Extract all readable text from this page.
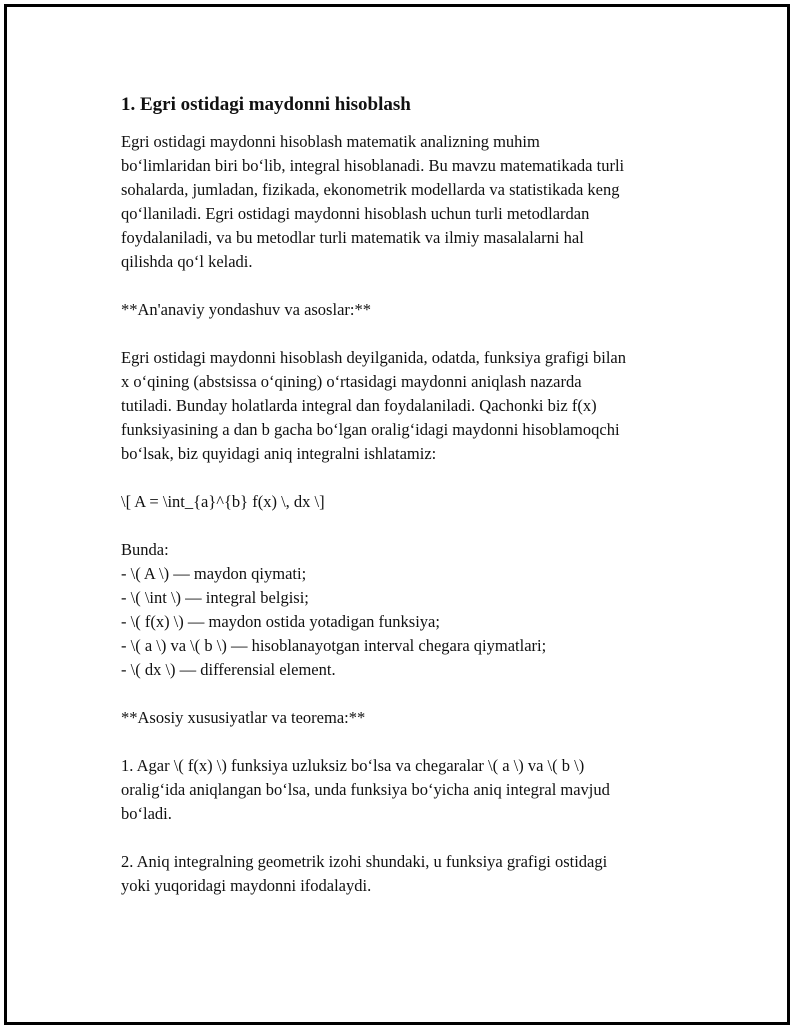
1. Egri ostidagi maydonni hisoblash

Egri ostidagi maydonni hisoblash matematik analizning muhim
bo‘limlaridan biri bo‘lib, integral hisoblanadi. Bu mavzu matematikada turli
sohalarda, jumladan, fizikada, ekonometrik modellarda va statistikada keng
qo‘llaniladi. Egri ostidagi maydonni hisoblash uchun turli metodlardan
foydalaniladi, va bu metodlar turli matematik va ilmiy masalalarni hal
qilishda qo‘l keladi.

**An'anaviy yondashuv va asoslar:**

Egri ostidagi maydonni hisoblash deyilganida, odatda, funksiya grafigi bilan
x o‘qining (abstsissa o‘qining) o‘rtasidagi maydonni aniqlash nazarda
tutiladi. Bunday holatlarda integral dan foydalaniladi. Qachonki biz f(x)
funksiyasining a dan b gacha bo‘lgan oralig‘idagi maydonni hisoblamoqchi
bo‘lsak, biz quyidagi aniq integralni ishlatamiz:

\[ A = \int_{a}^{b} f(x) \, dx \]

Bunda:
- \( A \) — maydon qiymati;
- \( \int \) — integral belgisi;
- \( f(x) \) — maydon ostida yotadigan funksiya;
- \( a \) va \( b \) — hisoblanayotgan interval chegara qiymatlari;
- \( dx \) — differensial element.

**Asosiy xususiyatlar va teorema:**

1. Agar \( f(x) \) funksiya uzluksiz bo‘lsa va chegaralar \( a \) va \( b \)
oralig‘ida aniqlangan bo‘lsa, unda funksiya bo‘yicha aniq integral mavjud
bo‘ladi.

2. Aniq integralning geometrik izohi shundaki, u funksiya grafigi ostidagi
yoki yuqoridagi maydonni ifodalaydi.
